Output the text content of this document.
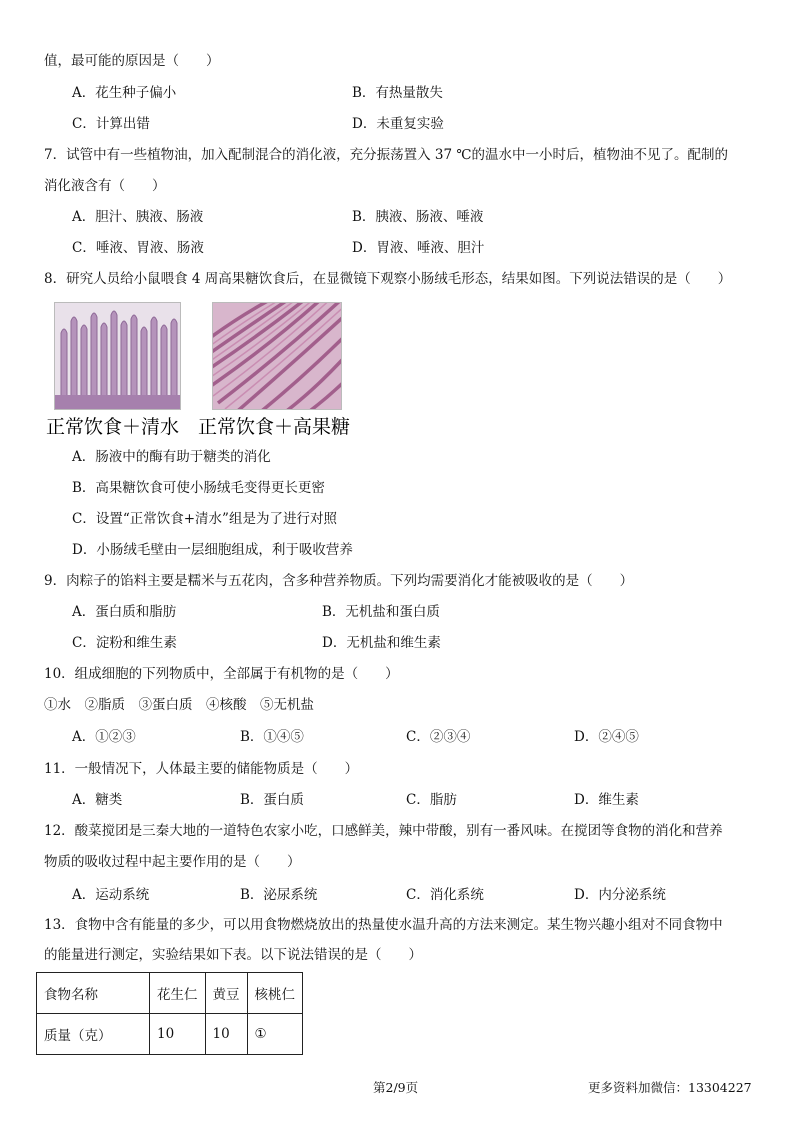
值，最可能的原因是（　　）
A．花生种子偏小	B．有热量散失
C．计算出错	D．未重复实验
7．试管中有一些植物油，加入配制混合的消化液，充分振荡置入 37 ℃的温水中一小时后，植物油不见了。配制的
消化液含有（　　）
A．胆汁、胰液、肠液	B．胰液、肠液、唾液
C．唾液、胃液、肠液	D．胃液、唾液、胆汁
8．研究人员给小鼠喂食 4 周高果糖饮食后，在显微镜下观察小肠绒毛形态，结果如图。下列说法错误的是（　　）
正常饮食＋清水 正常饮食＋高果糖
A．肠液中的酶有助于糖类的消化
B．高果糖饮食可使小肠绒毛变得更长更密
C．设置“正常饮食+清水”组是为了进行对照
D．小肠绒毛壁由一层细胞组成，利于吸收营养
9．肉粽子的馅料主要是糯米与五花肉，含多种营养物质。下列均需要消化才能被吸收的是（　　）
A．蛋白质和脂肪	B．无机盐和蛋白质
C．淀粉和维生素	D．无机盐和维生素
10．组成细胞的下列物质中，全部属于有机物的是（　　）
①水　②脂质　③蛋白质　④核酸　⑤无机盐
A．①②③	B．①④⑤	C．②③④	D．②④⑤
11．一般情况下，人体最主要的储能物质是（　　）
A．糖类	B．蛋白质	C．脂肪	D．维生素
12．酸菜搅团是三秦大地的一道特色农家小吃，口感鲜美，辣中带酸，别有一番风味。在搅团等食物的消化和营养
物质的吸收过程中起主要作用的是（　　）
A．运动系统	B．泌尿系统	C．消化系统	D．内分泌系统
13．食物中含有能量的多少，可以用食物燃烧放出的热量使水温升高的方法来测定。某生物兴趣小组对不同食物中
的能量进行测定，实验结果如下表。以下说法错误的是（　　）
食物名称	花生仁	黄豆	核桃仁
质量（克）	10	10	①
第2/9页	更多资料加微信：13304227
